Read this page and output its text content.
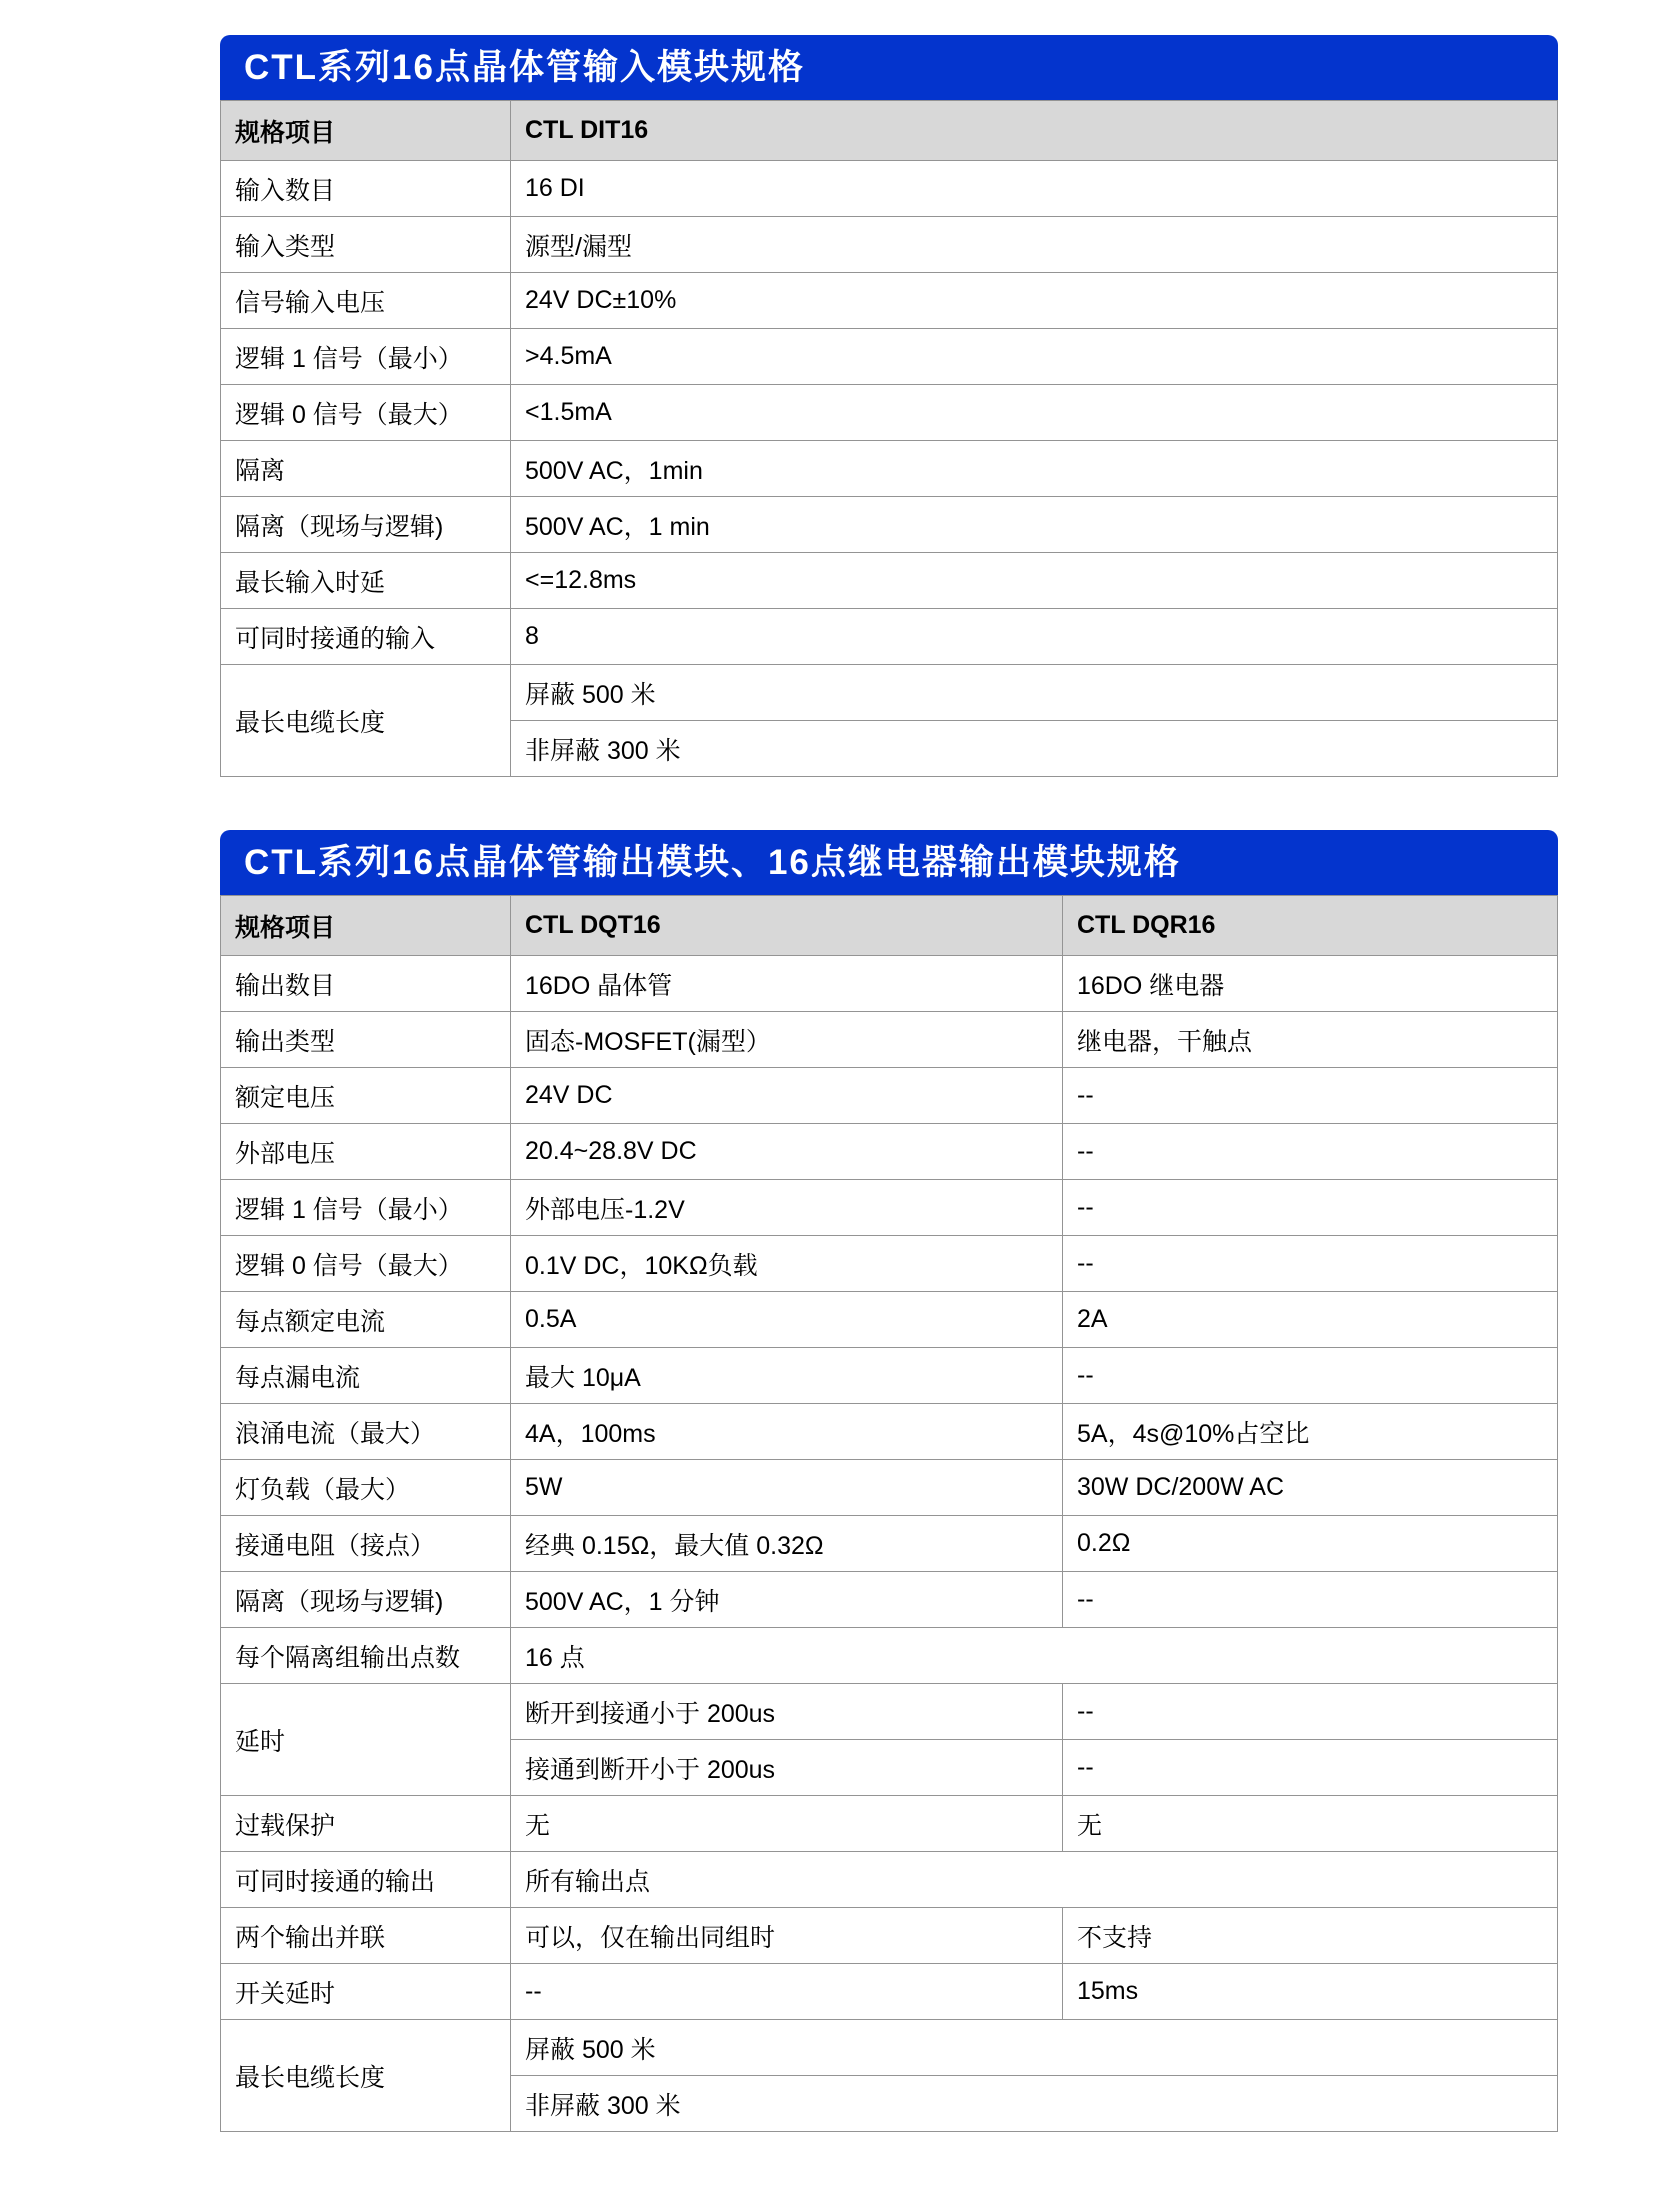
CTL系列16点晶体管输入模块规格
规格项目	CTL DIT16
输入数目	16 DI
输入类型	源型/漏型
信号输入电压	24V DC±10%
逻辑 1 信号（最小）	>4.5mA
逻辑 0 信号（最大）	<1.5mA
隔离	500V AC，1min
隔离（现场与逻辑)	500V AC，1 min
最长输入时延	<=12.8ms
可同时接通的输入	8
最长电缆长度	屏蔽 500 米
	非屏蔽 300 米
CTL系列16点晶体管输出模块、16点继电器输出模块规格
规格项目	CTL DQT16	CTL DQR16
输出数目	16DO 晶体管	16DO 继电器
输出类型	固态-MOSFET(漏型）	继电器，干触点
额定电压	24V DC	--
外部电压	20.4~28.8V DC	--
逻辑 1 信号（最小）	外部电压-1.2V	--
逻辑 0 信号（最大）	0.1V DC，10KΩ负载	--
每点额定电流	0.5A	2A
每点漏电流	最大 10μA	--
浪涌电流（最大）	4A，100ms	5A，4s@10%占空比
灯负载（最大）	5W	30W DC/200W AC
接通电阻（接点）	经典 0.15Ω，最大值 0.32Ω	0.2Ω
隔离（现场与逻辑)	500V AC，1 分钟	--
每个隔离组输出点数	16 点	
延时	断开到接通小于 200us	--
	接通到断开小于 200us	--
过载保护	无	无
可同时接通的输出	所有输出点	
两个输出并联	可以，仅在输出同组时	不支持
开关延时	--	15ms
最长电缆长度	屏蔽 500 米	
	非屏蔽 300 米	
